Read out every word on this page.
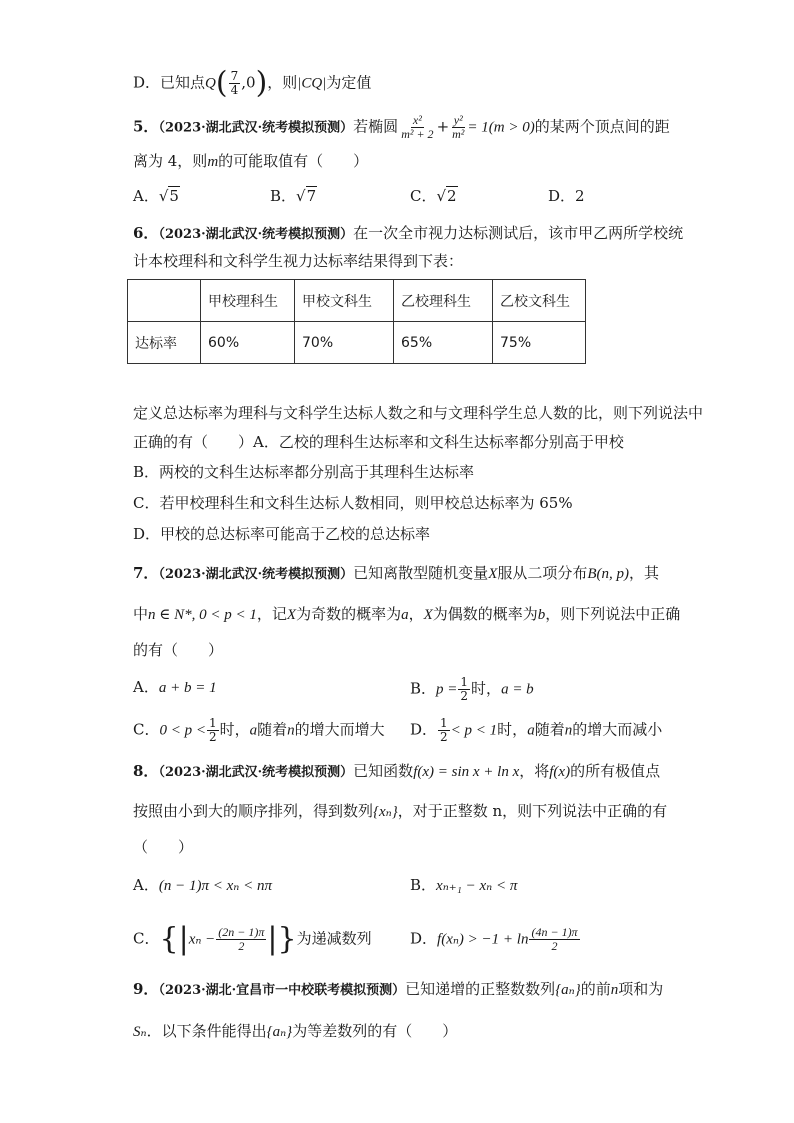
D．已知点$Q( \frac{7}{4} ,0)$，则|CQ|为定值
5．（2023·湖北武汉·统考模拟预测）若椭圆 $\frac{\text{x²}}{\text{m² + 2}} + \frac{\text{y²}}{\text{m²}} = 1(m > 0)$的某两个顶点间的距
离为 4，则m的可能取值有（　　）
A．√5	B．√7	C．√2	D．2
6．（2023·湖北武汉·统考模拟预测）在一次全市视力达标测试后，该市甲乙两所学校统
计本校理科和文科学生视力达标率结果得到下表：
	甲校理科生	甲校文科生	乙校理科生	乙校文科生
达标率	60%	70%	65%	75%
定义总达标率为理科与文科学生达标人数之和与文理科学生总人数的比，则下列说法中
正确的有（　　）A．乙校的理科生达标率和文科生达标率都分别高于甲校
B．两校的文科生达标率都分别高于其理科生达标率
C．若甲校理科生和文科生达标人数相同，则甲校总达标率为 65%
D．甲校的总达标率可能高于乙校的总达标率
7．（2023·湖北武汉·统考模拟预测）已知离散型随机变量X服从二项分布B(n, p)，其
中n ∈ N*, 0 < p < 1，记X为奇数的概率为a，X为偶数的概率为b，则下列说法中正确
的有（　　）
A．a + b = 1	B．$p = \frac{1}{2}$ 时，a = b
C．$0 < p < \frac{1}{2}$ 时，a随着n的增大而增大 D． $\frac{1}{2} < p < 1$时，a随着n的增大而减小
8．（2023·湖北武汉·统考模拟预测）已知函数f(x) = sin x + ln x，将f(x)的所有极值点
按照由小到大的顺序排列，得到数列{xₙ}，对于正整数 n，则下列说法中正确的有
（　　）
A．(n − 1)π < xₙ < nπ	B．xₙ₊₁ − xₙ < π
C．{$|x_n - \frac{(2n - 1)\pi}{2}$ |}为递减数列	D．$f(x_n) > -1 + \ln \frac{(4n - 1)\pi}{2}$
9．（2023·湖北·宜昌市一中校联考模拟预测）已知递增的正整数数列{aₙ}的前n项和为
Sₙ．以下条件能得出{aₙ}为等差数列的有（　　）
